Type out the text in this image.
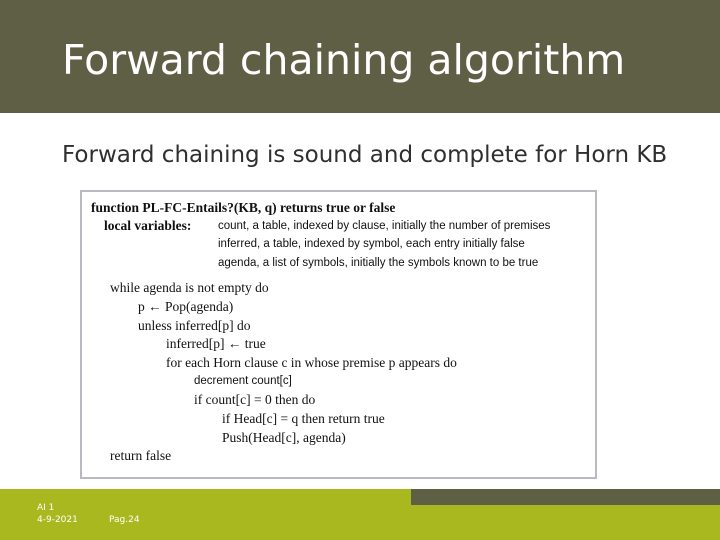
Forward chaining algorithm
Forward chaining is sound and complete for Horn KB
function PL-FC-Entails?(KB, q) returns true or false
local variables: count, a table, indexed by clause, initially the number of premises
inferred, a table, indexed by symbol, each entry initially false
agenda, a list of symbols, initially the symbols known to be true
while agenda is not empty do
p ← Pop(agenda)
unless inferred[p] do
inferred[p] ← true
for each Horn clause c in whose premise p appears do
decrement count[c]
if count[c] = 0 then do
if Head[c] = q then return true
Push(Head[c], agenda)
return false
AI 1
4-9-2021	Pag.24
